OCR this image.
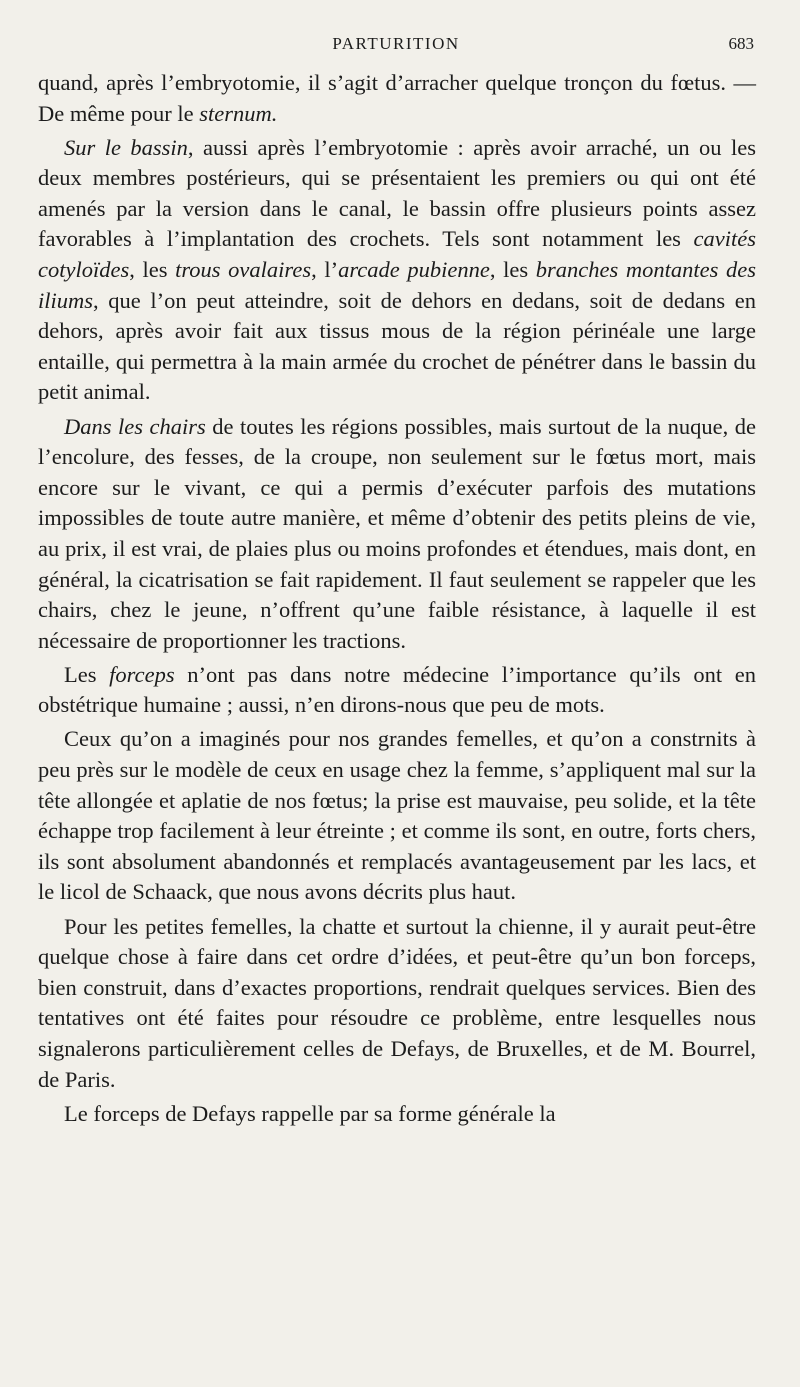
PARTURITION	683

quand, après l’embryotomie, il s’agit d’arracher quelque tronçon du fœtus. — De même pour le sternum.

Sur le bassin, aussi après l’embryotomie : après avoir arraché, un ou les deux membres postérieurs, qui se présentaient les premiers ou qui ont été amenés par la version dans le canal, le bassin offre plusieurs points assez favorables à l’implantation des crochets. Tels sont notamment les cavités cotyloïdes, les trous ovalaires, l’arcade pubienne, les branches montantes des iliums, que l’on peut atteindre, soit de dehors en dedans, soit de dedans en dehors, après avoir fait aux tissus mous de la région périnéale une large entaille, qui permettra à la main armée du crochet de pénétrer dans le bassin du petit animal.

Dans les chairs de toutes les régions possibles, mais surtout de la nuque, de l’encolure, des fesses, de la croupe, non seulement sur le fœtus mort, mais encore sur le vivant, ce qui a permis d’exécuter parfois des mutations impossibles de toute autre manière, et même d’obtenir des petits pleins de vie, au prix, il est vrai, de plaies plus ou moins profondes et étendues, mais dont, en général, la cicatrisation se fait rapidement. Il faut seulement se rappeler que les chairs, chez le jeune, n’offrent qu’une faible résistance, à laquelle il est nécessaire de proportionner les tractions.

Les forceps n’ont pas dans notre médecine l’importance qu’ils ont en obstétrique humaine ; aussi, n’en dirons-nous que peu de mots.

Ceux qu’on a imaginés pour nos grandes femelles, et qu’on a constrnits à peu près sur le modèle de ceux en usage chez la femme, s’appliquent mal sur la tête allongée et aplatie de nos fœtus; la prise est mauvaise, peu solide, et la tête échappe trop facilement à leur étreinte ; et comme ils sont, en outre, forts chers, ils sont absolument abandonnés et remplacés avantageusement par les lacs, et le licol de Schaack, que nous avons décrits plus haut.

Pour les petites femelles, la chatte et surtout la chienne, il y aurait peut-être quelque chose à faire dans cet ordre d’idées, et peut-être qu’un bon forceps, bien construit, dans d’exactes proportions, rendrait quelques services. Bien des tentatives ont été faites pour résoudre ce problème, entre lesquelles nous signalerons particulièrement celles de Defays, de Bruxelles, et de M. Bourrel, de Paris.

Le forceps de Defays rappelle par sa forme générale la
